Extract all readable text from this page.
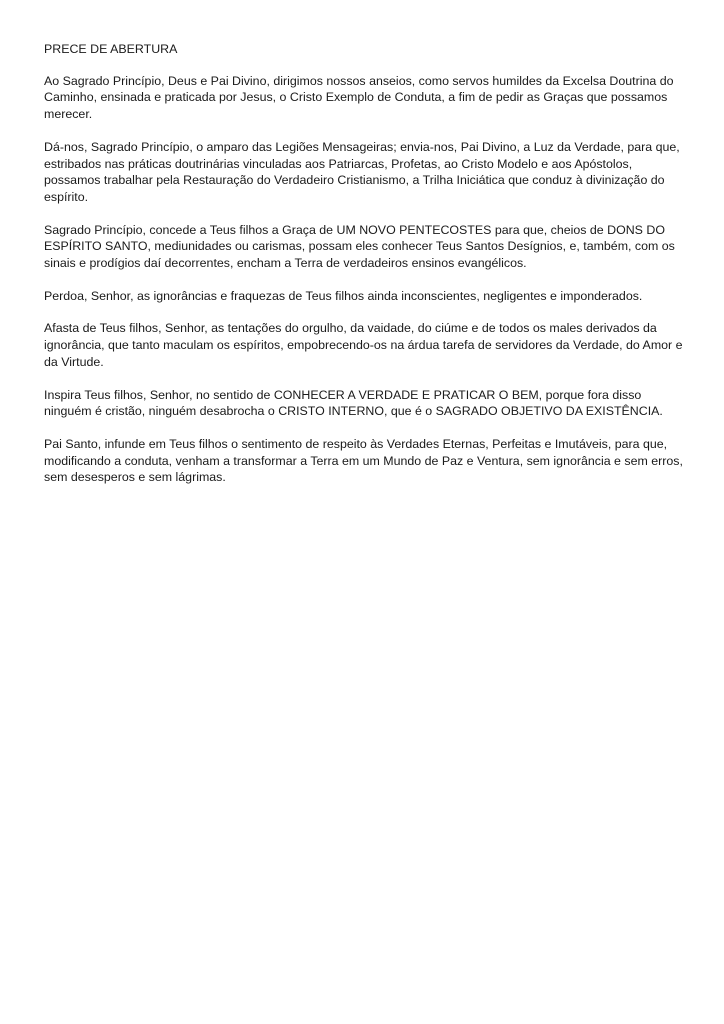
PRECE DE ABERTURA

Ao Sagrado Princípio, Deus e Pai Divino, dirigimos nossos anseios, como servos humildes da Excelsa Doutrina do Caminho, ensinada e praticada por Jesus, o Cristo Exemplo de Conduta, a fim de pedir as Graças que possamos merecer.

Dá-nos, Sagrado Princípio, o amparo das Legiões Mensageiras; envia-nos, Pai Divino, a Luz da Verdade, para que, estribados nas práticas doutrinárias vinculadas aos Patriarcas, Profetas, ao Cristo Modelo e aos Apóstolos, possamos trabalhar pela Restauração do Verdadeiro Cristianismo, a Trilha Iniciática que conduz à divinização do espírito.

Sagrado Princípio, concede a Teus filhos a Graça de UM NOVO PENTECOSTES para que, cheios de DONS DO ESPÍRITO SANTO, mediunidades ou carismas, possam eles conhecer Teus Santos Desígnios, e, também, com os sinais e prodígios daí decorrentes, encham a Terra de verdadeiros ensinos evangélicos.

Perdoa, Senhor, as ignorâncias e fraquezas de Teus filhos ainda inconscientes, negligentes e imponderados.

Afasta de Teus filhos, Senhor, as tentações do orgulho, da vaidade, do ciúme e de todos os males derivados da ignorância, que tanto maculam os espíritos, empobrecendo-os na árdua tarefa de servidores da Verdade, do Amor e da Virtude.

Inspira Teus filhos, Senhor, no sentido de CONHECER A VERDADE E PRATICAR O BEM, porque fora disso ninguém é cristão, ninguém desabrocha o CRISTO INTERNO, que é o SAGRADO OBJETIVO DA EXISTÊNCIA.

Pai Santo, infunde em Teus filhos o sentimento de respeito às Verdades Eternas, Perfeitas e Imutáveis, para que, modificando a conduta, venham a transformar a Terra em um Mundo de Paz e Ventura, sem ignorância e sem erros, sem desesperos e sem lágrimas.
